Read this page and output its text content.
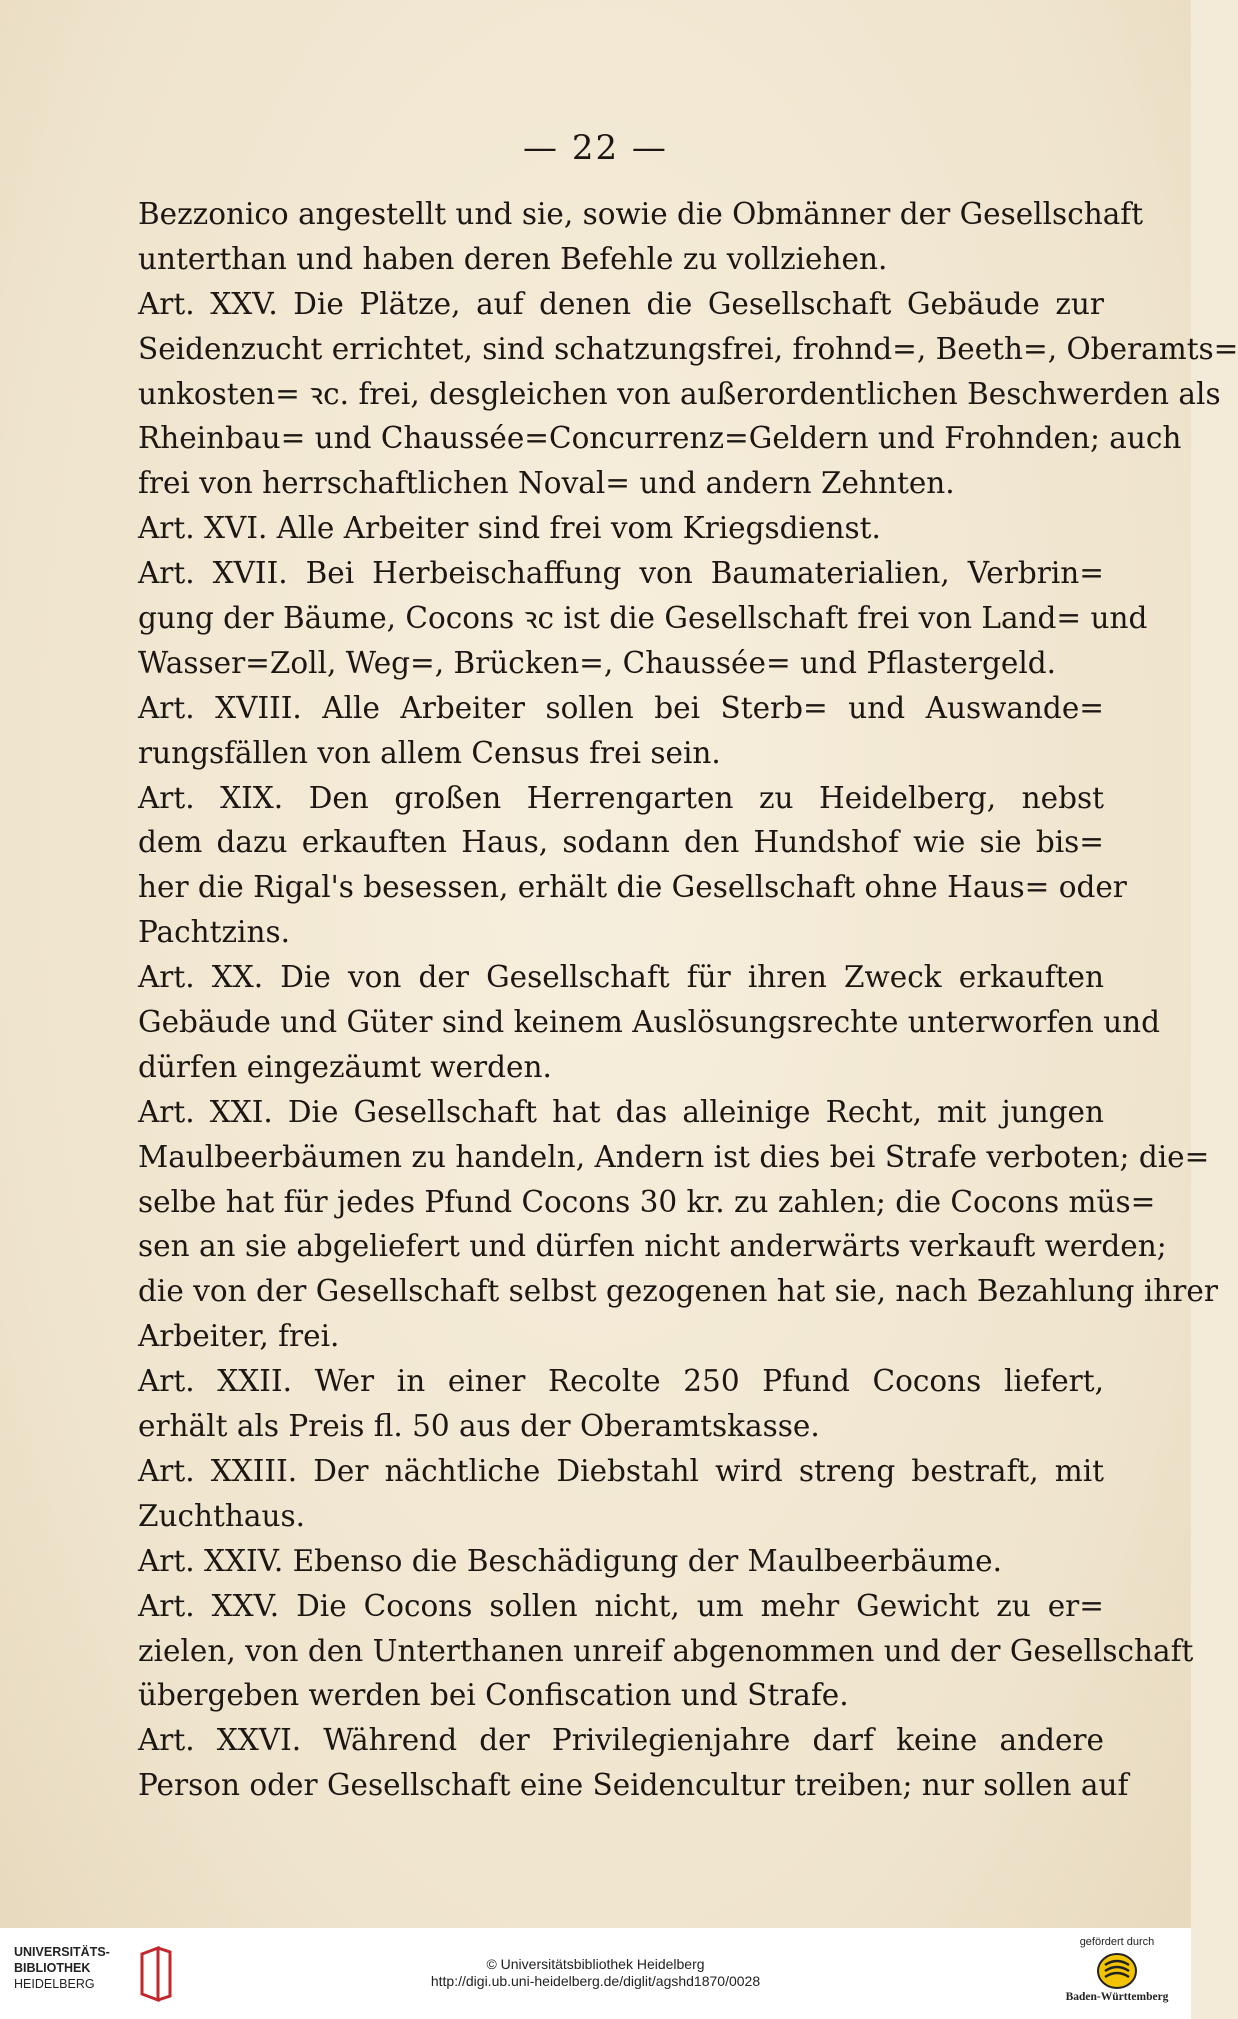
— 22 —
Bezzonico angestellt und sie, sowie die Obmänner der Gesellschaft
unterthan und haben deren Befehle zu vollziehen.
Art. XXV. Die Plätze, auf denen die Gesellschaft Gebäude zur
Seidenzucht errichtet, sind schatzungsfrei, frohnd=, Beeth=, Oberamts=
unkosten= ꝛc. frei, desgleichen von außerordentlichen Beschwerden als
Rheinbau= und Chaussée=Concurrenz=Geldern und Frohnden; auch
frei von herrschaftlichen Noval= und andern Zehnten.
Art. XVI. Alle Arbeiter sind frei vom Kriegsdienst.
Art. XVII. Bei Herbeischaffung von Baumaterialien, Verbrin=
gung der Bäume, Cocons ꝛc ist die Gesellschaft frei von Land= und
Wasser=Zoll, Weg=, Brücken=, Chaussée= und Pflastergeld.
Art. XVIII. Alle Arbeiter sollen bei Sterb= und Auswande=
rungsfällen von allem Census frei sein.
Art. XIX. Den großen Herrengarten zu Heidelberg, nebst
dem dazu erkauften Haus, sodann den Hundshof wie sie bis=
her die Rigal's besessen, erhält die Gesellschaft ohne Haus= oder
Pachtzins.
Art. XX. Die von der Gesellschaft für ihren Zweck erkauften
Gebäude und Güter sind keinem Auslösungsrechte unterworfen und
dürfen eingezäumt werden.
Art. XXI. Die Gesellschaft hat das alleinige Recht, mit jungen
Maulbeerbäumen zu handeln, Andern ist dies bei Strafe verboten; die=
selbe hat für jedes Pfund Cocons 30 kr. zu zahlen; die Cocons müs=
sen an sie abgeliefert und dürfen nicht anderwärts verkauft werden;
die von der Gesellschaft selbst gezogenen hat sie, nach Bezahlung ihrer
Arbeiter, frei.
Art. XXII. Wer in einer Recolte 250 Pfund Cocons liefert,
erhält als Preis fl. 50 aus der Oberamtskasse.
Art. XXIII. Der nächtliche Diebstahl wird streng bestraft, mit
Zuchthaus.
Art. XXIV. Ebenso die Beschädigung der Maulbeerbäume.
Art. XXV. Die Cocons sollen nicht, um mehr Gewicht zu er=
zielen, von den Unterthanen unreif abgenommen und der Gesellschaft
übergeben werden bei Confiscation und Strafe.
Art. XXVI. Während der Privilegienjahre darf keine andere
Person oder Gesellschaft eine Seidencultur treiben; nur sollen auf
UNIVERSITÄTS-
BIBLIOTHEK
HEIDELBERG
© Universitätsbibliothek Heidelberg
http://digi.ub.uni-heidelberg.de/diglit/agshd1870/0028
gefördert durch
Baden-Württemberg
